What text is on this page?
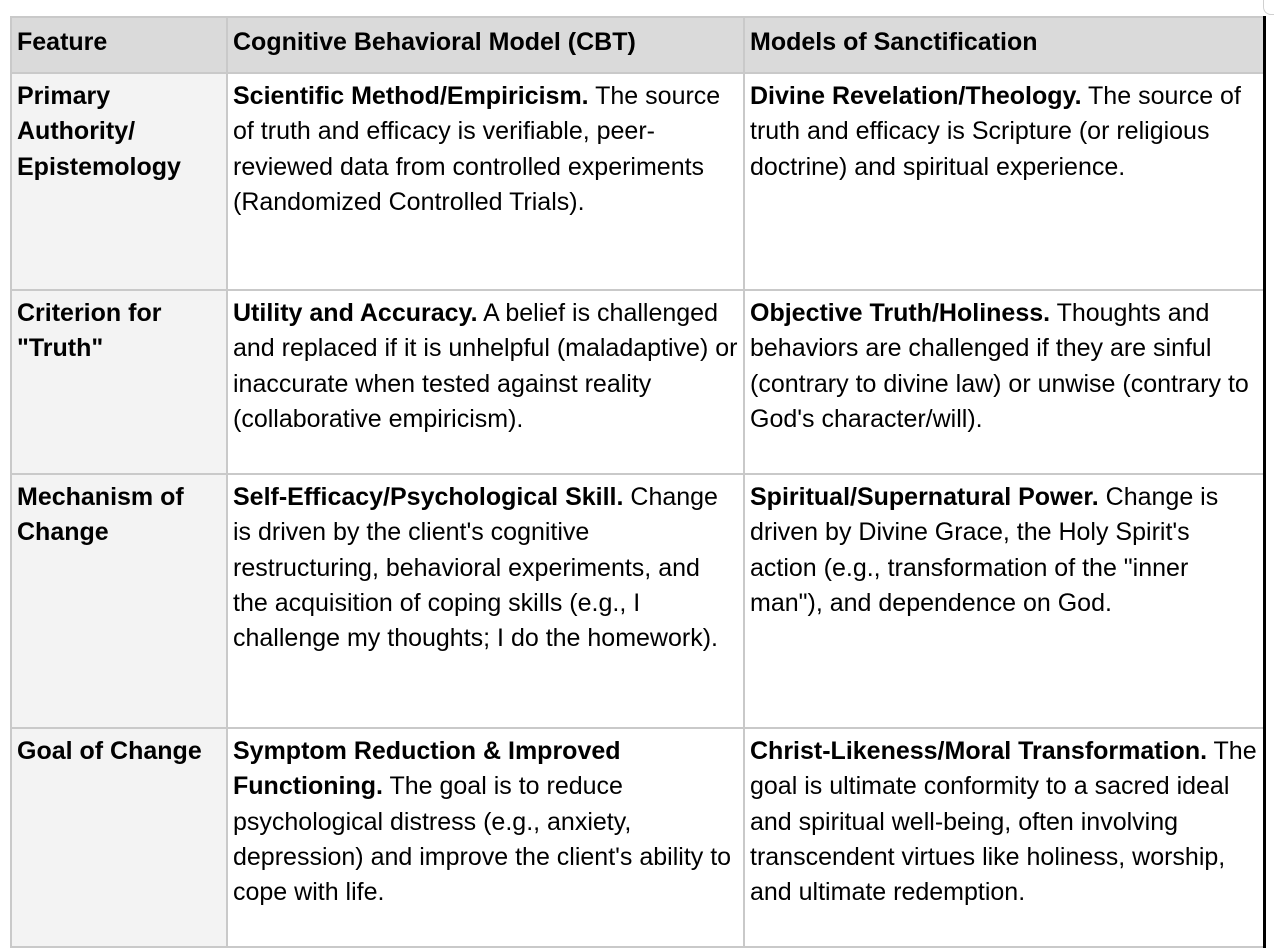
Feature	Cognitive Behavioral Model (CBT)	Models of Sanctification
Primary Authority/ Epistemology	Scientific Method/Empiricism. The source of truth and efficacy is verifiable, peer-reviewed data from controlled experiments (Randomized Controlled Trials).	Divine Revelation/Theology. The source of truth and efficacy is Scripture (or religious doctrine) and spiritual experience.
Criterion for "Truth"	Utility and Accuracy. A belief is challenged and replaced if it is unhelpful (maladaptive) or inaccurate when tested against reality (collaborative empiricism).	Objective Truth/Holiness. Thoughts and behaviors are challenged if they are sinful (contrary to divine law) or unwise (contrary to God's character/will).
Mechanism of Change	Self-Efficacy/Psychological Skill. Change is driven by the client's cognitive restructuring, behavioral experiments, and the acquisition of coping skills (e.g., I challenge my thoughts; I do the homework).	Spiritual/Supernatural Power. Change is driven by Divine Grace, the Holy Spirit's action (e.g., transformation of the "inner man"), and dependence on God.
Goal of Change	Symptom Reduction & Improved Functioning. The goal is to reduce psychological distress (e.g., anxiety, depression) and improve the client's ability to cope with life.	Christ-Likeness/Moral Transformation. The goal is ultimate conformity to a sacred ideal and spiritual well-being, often involving transcendent virtues like holiness, worship, and ultimate redemption.
